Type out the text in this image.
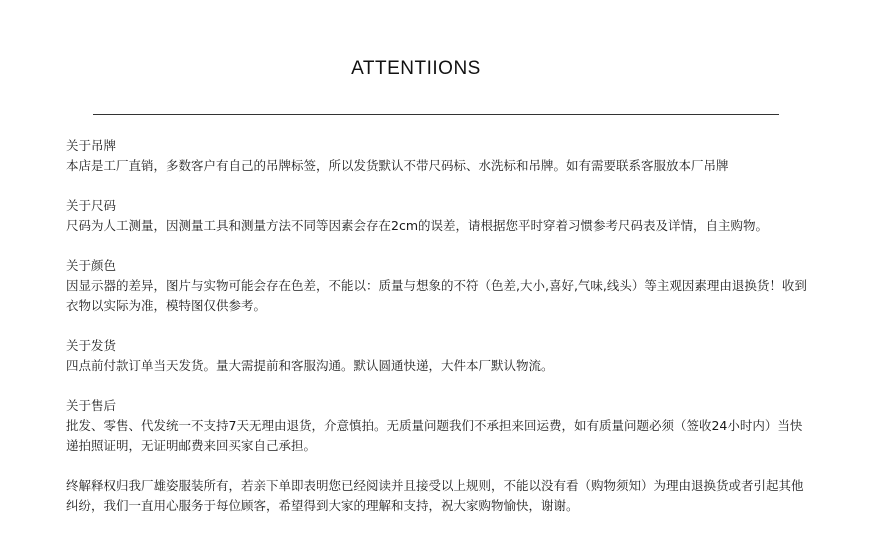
ATTENTIIONS

关于吊牌

本店是工厂直销，多数客户有自己的吊牌标签，所以发货默认不带尺码标、水洗标和吊牌。如有需要联系客服放本厂吊牌

关于尺码

尺码为人工测量，因测量工具和测量方法不同等因素会存在2cm的误差，请根据您平时穿着习惯参考尺码表及详情，自主购物。

关于颜色

因显示器的差异，图片与实物可能会存在色差，不能以：质量与想象的不符（色差,大小,喜好,气味,线头）等主观因素理由退换货！收到衣物以实际为准，模特图仅供参考。

关于发货

四点前付款订单当天发货。量大需提前和客服沟通。默认圆通快递，大件本厂默认物流。

关于售后

批发、零售、代发统一不支持7天无理由退货，介意慎拍。无质量问题我们不承担来回运费，如有质量问题必须（签收24小时内）当快递拍照证明，无证明邮费来回买家自己承担。

终解释权归我厂雄姿服装所有，若亲下单即表明您已经阅读并且接受以上规则，不能以没有看（购物须知）为理由退换货或者引起其他纠纷，我们一直用心服务于每位顾客，希望得到大家的理解和支持，祝大家购物愉快，谢谢。
